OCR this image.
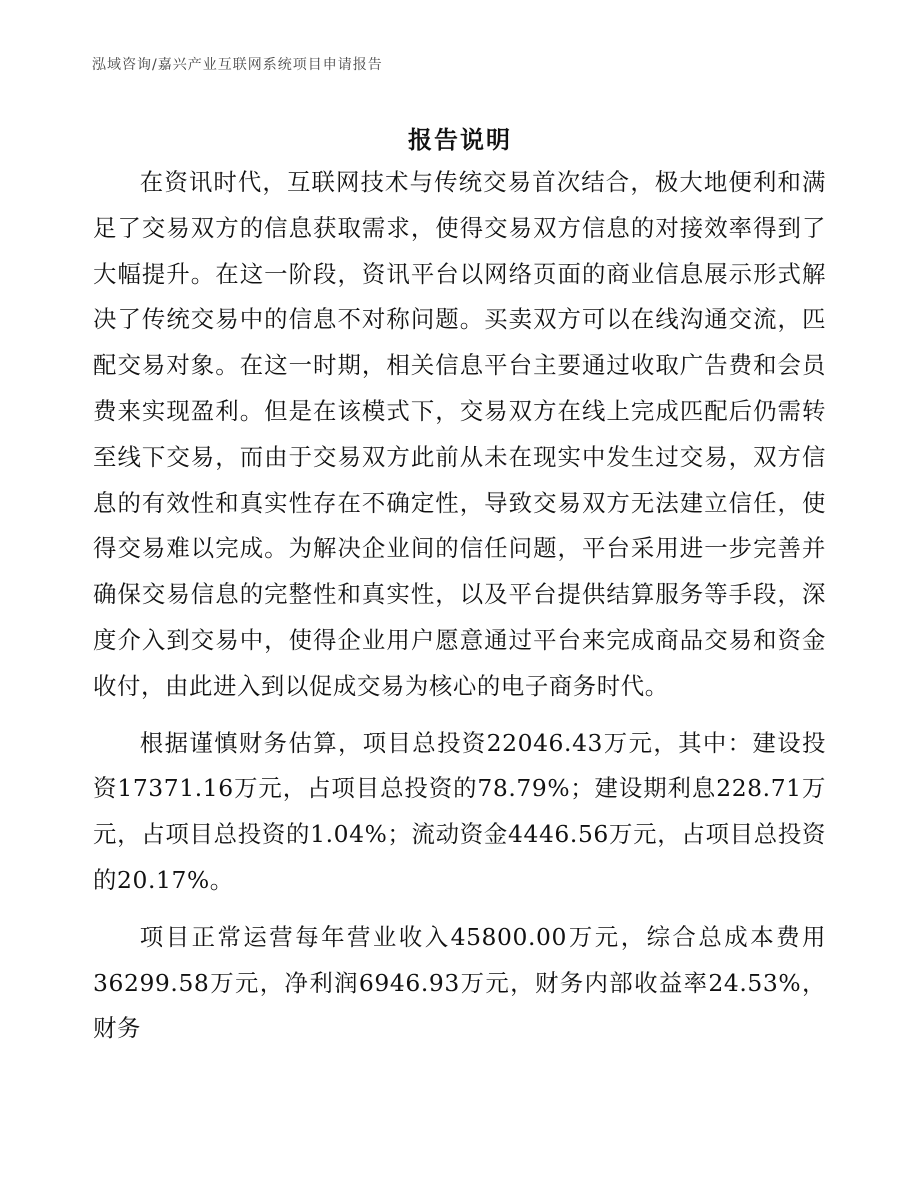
泓域咨询/嘉兴产业互联网系统项目申请报告
报告说明

在资讯时代，互联网技术与传统交易首次结合，极大地便利和满足了交易双方的信息获取需求，使得交易双方信息的对接效率得到了大幅提升。在这一阶段，资讯平台以网络页面的商业信息展示形式解决了传统交易中的信息不对称问题。买卖双方可以在线沟通交流，匹配交易对象。在这一时期，相关信息平台主要通过收取广告费和会员费来实现盈利。但是在该模式下，交易双方在线上完成匹配后仍需转至线下交易，而由于交易双方此前从未在现实中发生过交易，双方信息的有效性和真实性存在不确定性，导致交易双方无法建立信任，使得交易难以完成。为解决企业间的信任问题，平台采用进一步完善并确保交易信息的完整性和真实性，以及平台提供结算服务等手段，深度介入到交易中，使得企业用户愿意通过平台来完成商品交易和资金收付，由此进入到以促成交易为核心的电子商务时代。

根据谨慎财务估算，项目总投资22046.43万元，其中：建设投资17371.16万元，占项目总投资的78.79%；建设期利息228.71万元，占项目总投资的1.04%；流动资金4446.56万元，占项目总投资的20.17%。

项目正常运营每年营业收入45800.00万元，综合总成本费用36299.58万元，净利润6946.93万元，财务内部收益率24.53%，财务
